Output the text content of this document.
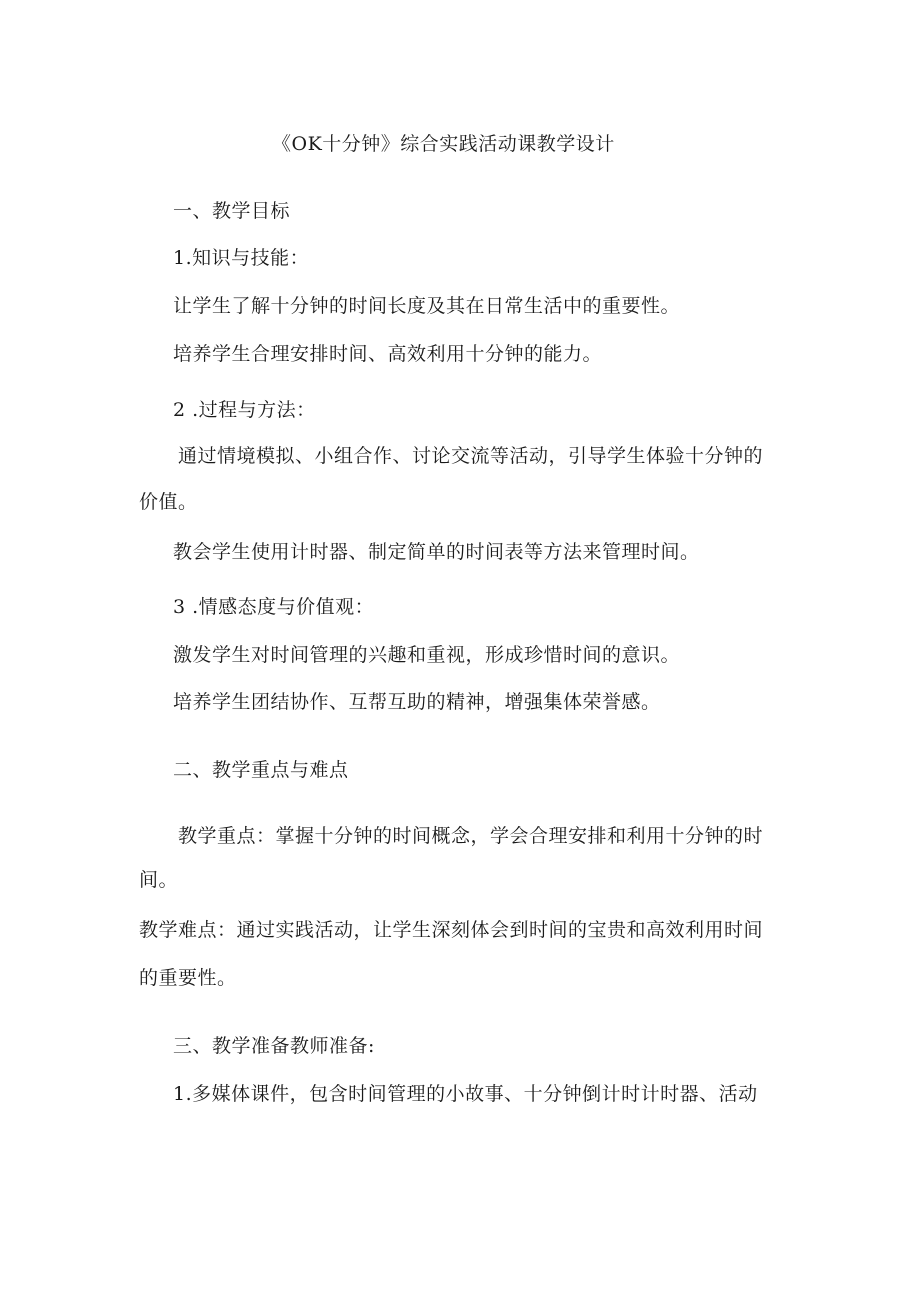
《OK十分钟》综合实践活动课教学设计
一、教学目标
1.知识与技能：
让学生了解十分钟的时间长度及其在日常生活中的重要性。
培养学生合理安排时间、高效利用十分钟的能力。
2 .过程与方法：
通过情境模拟、小组合作、讨论交流等活动，引导学生体验十分钟的
价值。
教会学生使用计时器、制定简单的时间表等方法来管理时间。
3 .情感态度与价值观：
激发学生对时间管理的兴趣和重视，形成珍惜时间的意识。
培养学生团结协作、互帮互助的精神，增强集体荣誉感。
二、教学重点与难点
教学重点：掌握十分钟的时间概念，学会合理安排和利用十分钟的时
间。
教学难点：通过实践活动，让学生深刻体会到时间的宝贵和高效利用时间
的重要性。
三、教学准备教师准备:
1.多媒体课件，包含时间管理的小故事、十分钟倒计时计时器、活动
